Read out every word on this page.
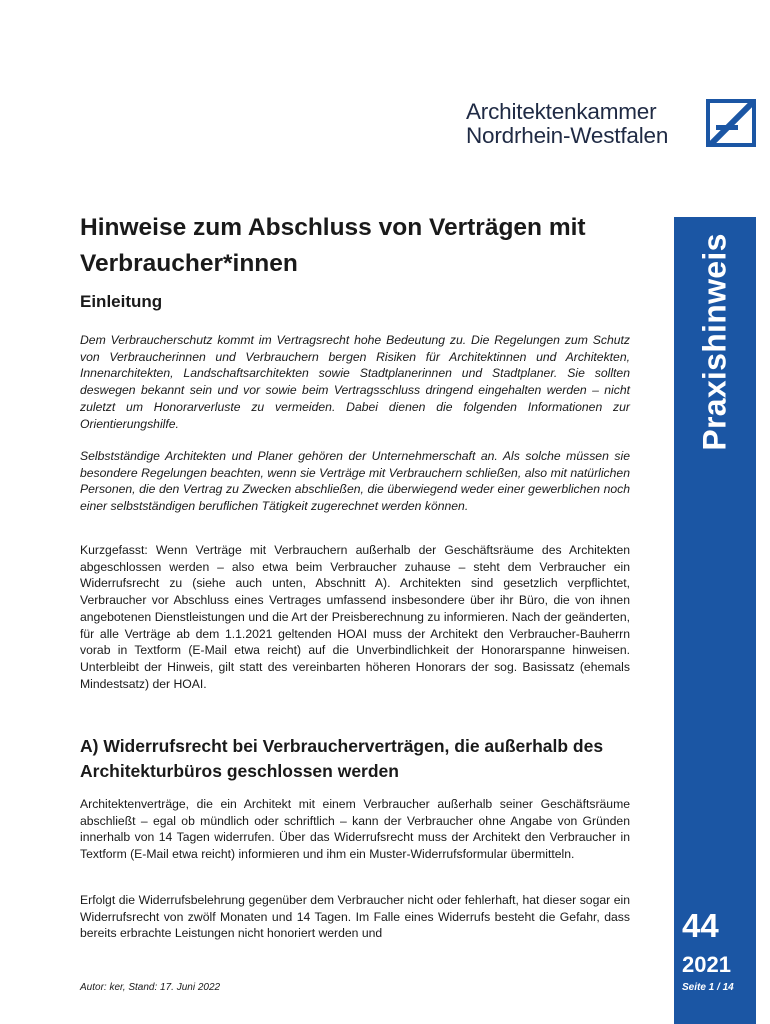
Architektenkammer
Nordrhein-Westfalen
Praxishinweis
44
2021
Seite 1 / 14
Hinweise zum Abschluss von Verträgen mit Verbraucher*innen
Einleitung

Dem Verbraucherschutz kommt im Vertragsrecht hohe Bedeutung zu. Die Regelungen zum Schutz von Verbraucherinnen und Verbrauchern bergen Risiken für Architektinnen und Architekten, Innenarchitekten, Landschaftsarchitekten sowie Stadtplanerinnen und Stadtplaner. Sie sollten deswegen bekannt sein und vor sowie beim Vertragsschluss dringend eingehalten werden – nicht zuletzt um Honorarverluste zu vermeiden. Dabei dienen die folgenden Informationen zur Orientierungshilfe.

Selbstständige Architekten und Planer gehören der Unternehmerschaft an. Als solche müssen sie besondere Regelungen beachten, wenn sie Verträge mit Verbrauchern schließen, also mit natürlichen Personen, die den Vertrag zu Zwecken abschließen, die überwiegend weder einer gewerblichen noch einer selbstständigen beruflichen Tätigkeit zugerechnet werden können.

Kurzgefasst: Wenn Verträge mit Verbrauchern außerhalb der Geschäftsräume des Architekten abgeschlossen werden – also etwa beim Verbraucher zuhause – steht dem Verbraucher ein Widerrufsrecht zu (siehe auch unten, Abschnitt A). Architekten sind gesetzlich verpflichtet, Verbraucher vor Abschluss eines Vertrages umfassend insbesondere über ihr Büro, die von ihnen angebotenen Dienstleistungen und die Art der Preisberechnung zu informieren. Nach der geänderten, für alle Verträge ab dem 1.1.2021 geltenden HOAI muss der Architekt den Verbraucher-Bauherrn vorab in Textform (E-Mail etwa reicht) auf die Unverbindlichkeit der Honorarspanne hinweisen. Unterbleibt der Hinweis, gilt statt des vereinbarten höheren Honorars der sog. Basissatz (ehemals Mindestsatz) der HOAI.

A) Widerrufsrecht bei Verbraucherverträgen, die außerhalb des Architekturbüros geschlossen werden

Architektenverträge, die ein Architekt mit einem Verbraucher außerhalb seiner Geschäftsräume abschließt – egal ob mündlich oder schriftlich – kann der Verbraucher ohne Angabe von Gründen innerhalb von 14 Tagen widerrufen. Über das Widerrufsrecht muss der Architekt den Verbraucher in Textform (E-Mail etwa reicht) informieren und ihm ein Muster-Widerrufsformular übermitteln.

Erfolgt die Widerrufsbelehrung gegenüber dem Verbraucher nicht oder fehlerhaft, hat dieser sogar ein Widerrufsrecht von zwölf Monaten und 14 Tagen. Im Falle eines Widerrufs besteht die Gefahr, dass bereits erbrachte Leistungen nicht honoriert werden und

Autor: ker, Stand: 17. Juni 2022
